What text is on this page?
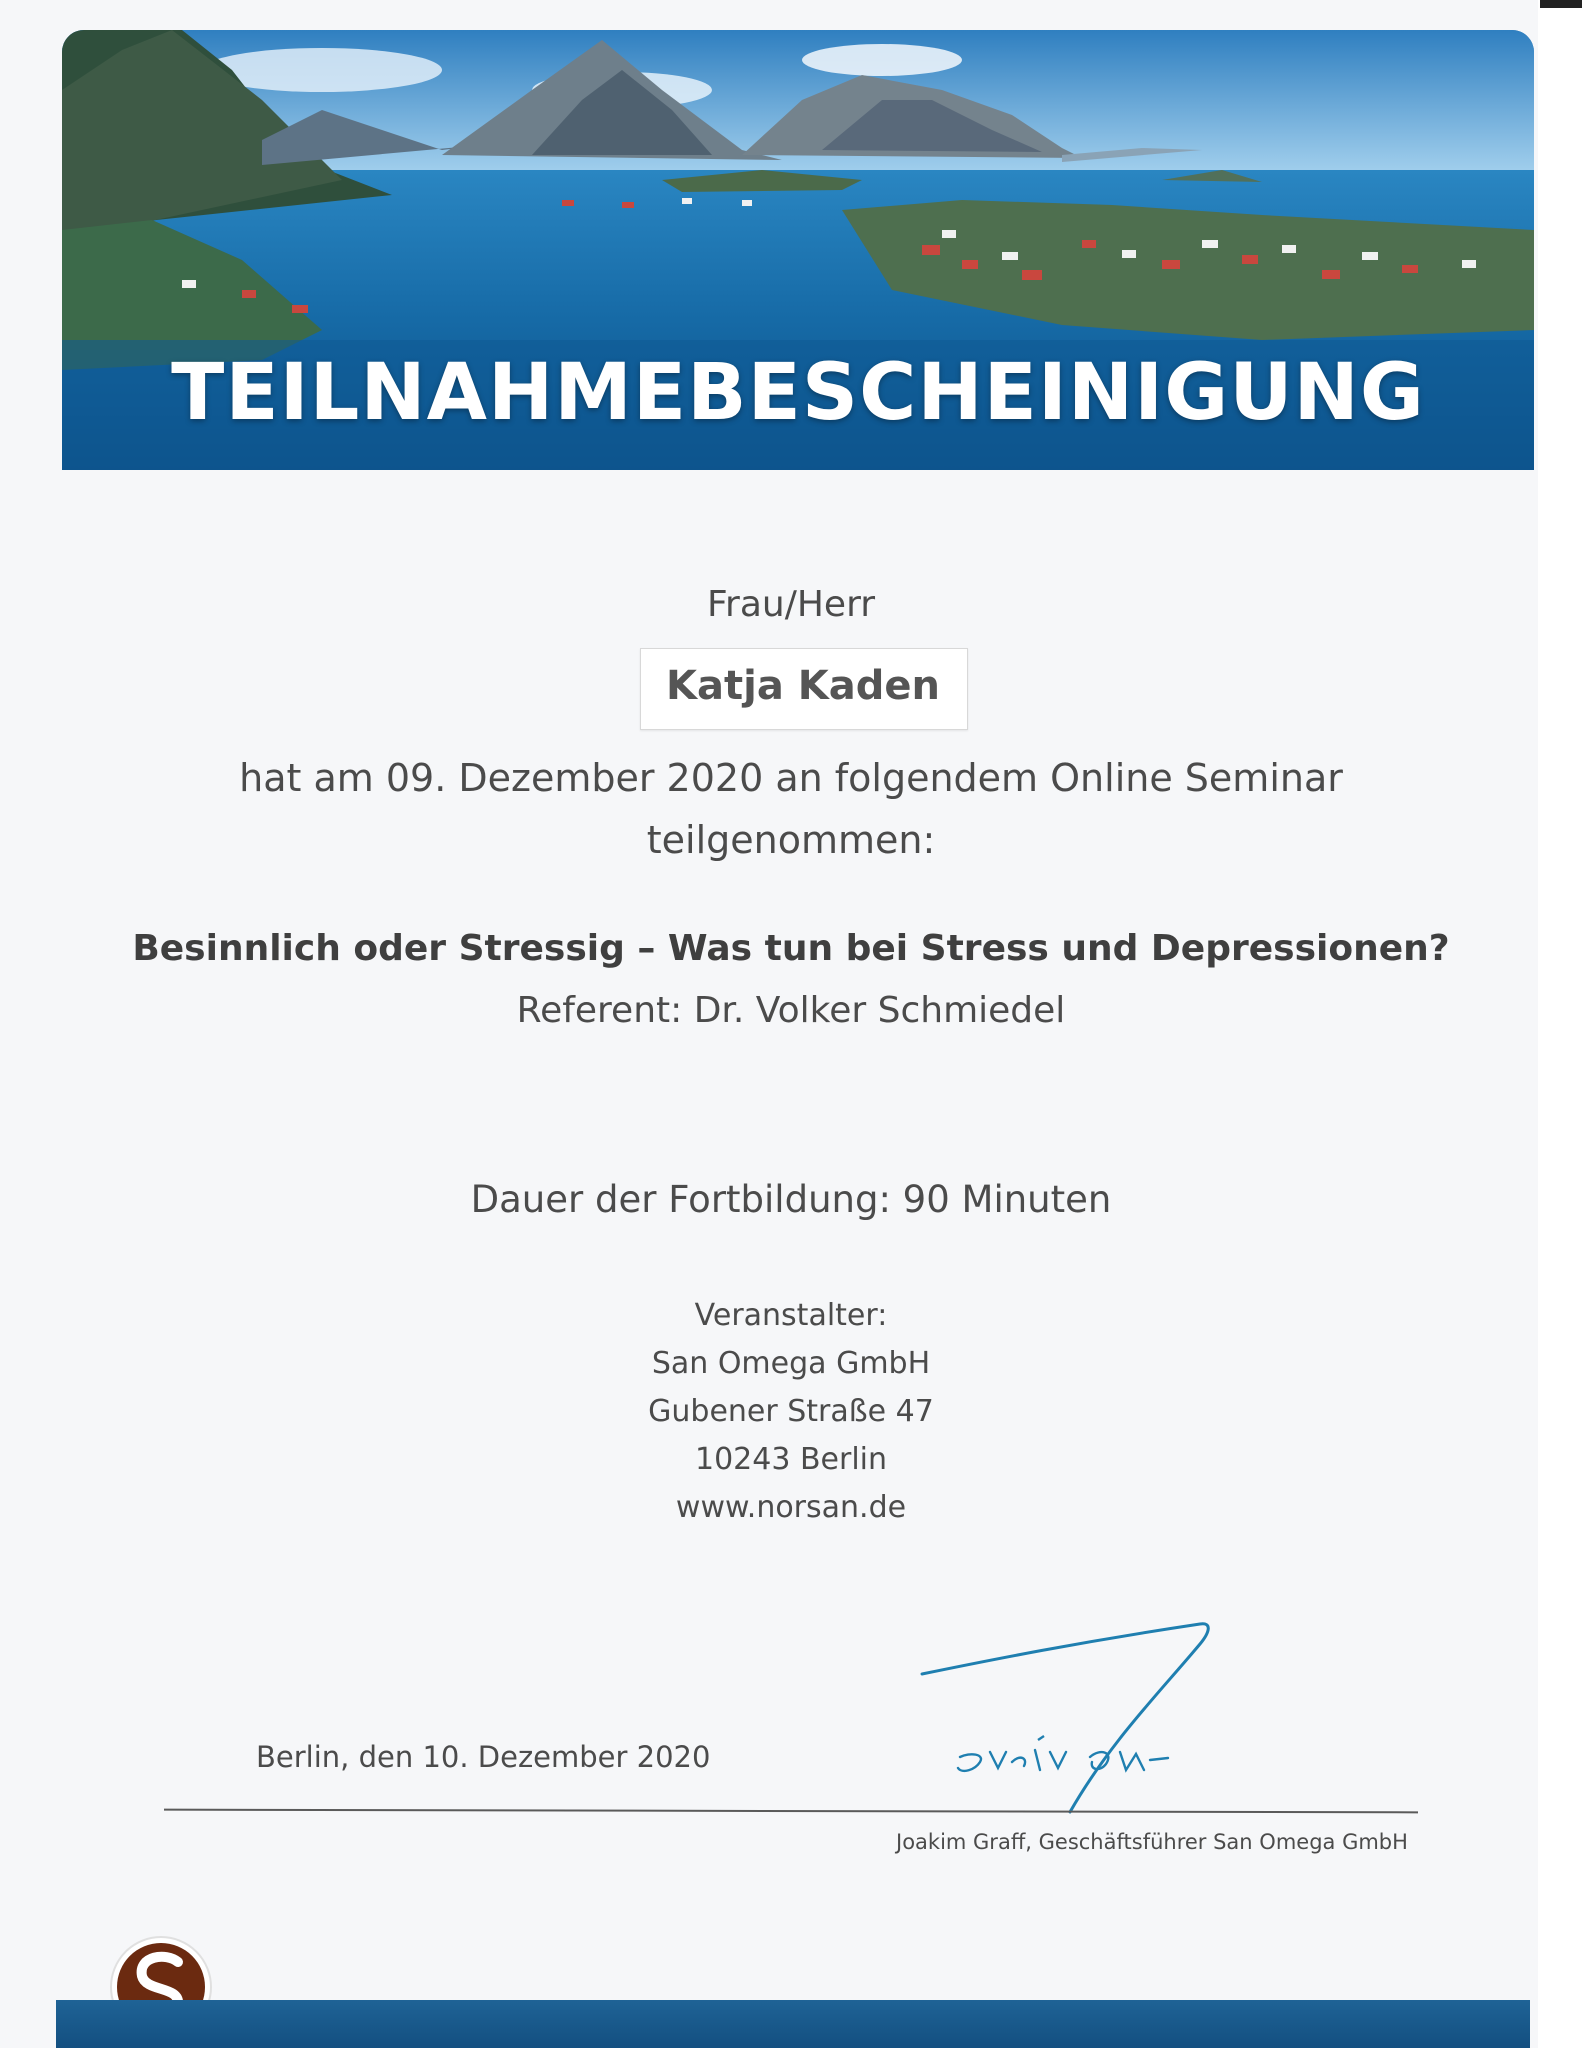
TEILNAHMEBESCHEINIGUNG
Frau/Herr
Katja Kaden
hat am 09. Dezember 2020 an folgendem Online Seminar
teilgenommen:
Besinnlich oder Stressig – Was tun bei Stress und Depressionen?
Referent: Dr. Volker Schmiedel
Dauer der Fortbildung: 90 Minuten
Veranstalter:
San Omega GmbH
Gubener Straße 47
10243 Berlin
www.norsan.de
Berlin, den 10. Dezember 2020
Joakim Graff, Geschäftsführer San Omega GmbH
